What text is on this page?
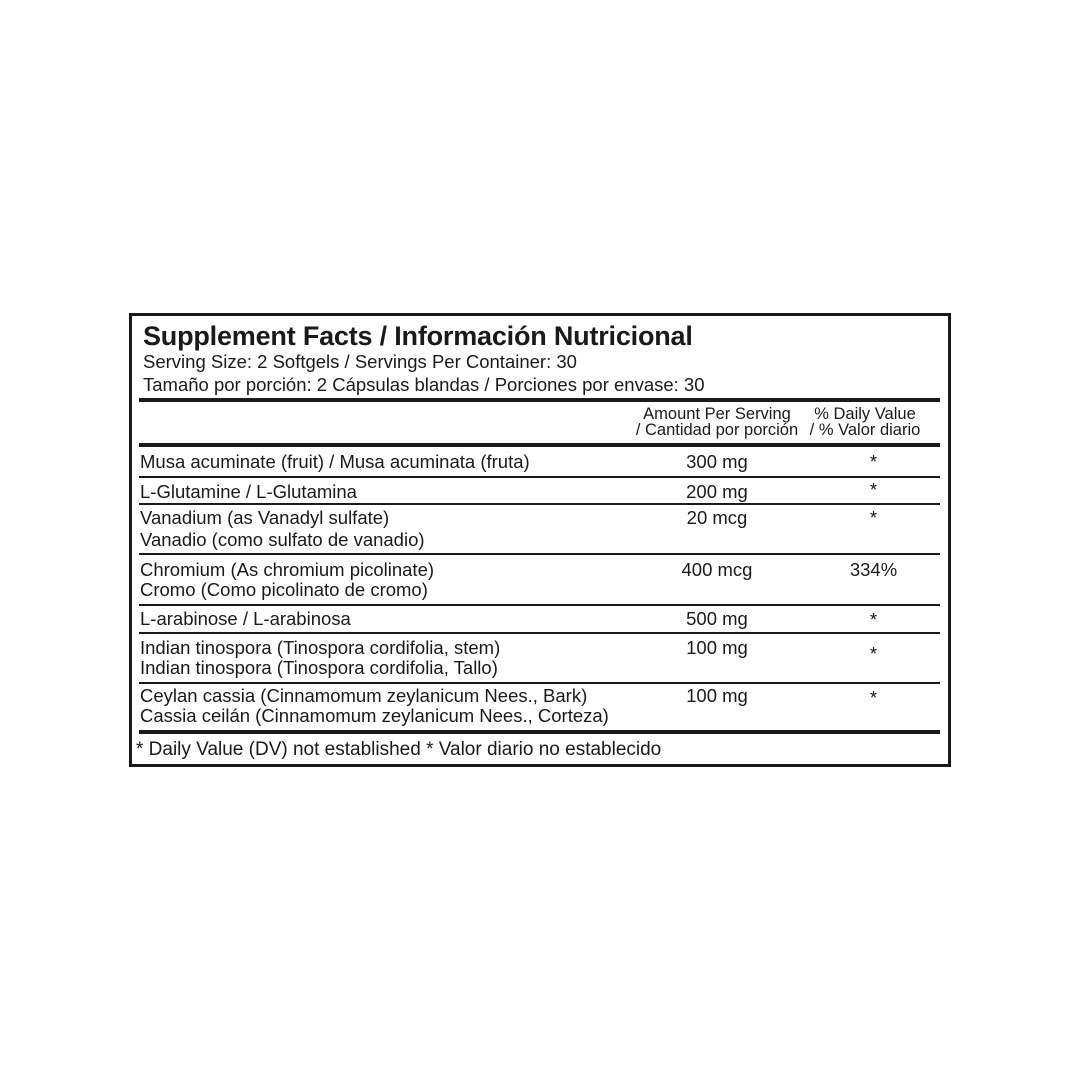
Supplement Facts / Información Nutricional
Serving Size: 2 Softgels / Servings Per Container: 30
Tamaño por porción: 2 Cápsulas blandas / Porciones por envase: 30
Amount Per Serving
/ Cantidad por porción
% Daily Value
/ % Valor diario
Musa acuminate (fruit) / Musa acuminata (fruta)	300 mg	*
L-Glutamine / L-Glutamina	200 mg	*
Vanadium (as Vanadyl sulfate)
Vanadio (como sulfato de vanadio)
20 mcg	*
Chromium (As chromium picolinate)
Cromo (Como picolinato de cromo)
400 mcg	334%
L-arabinose / L-arabinosa	500 mg	*
Indian tinospora (Tinospora cordifolia, stem)
Indian tinospora (Tinospora cordifolia, Tallo)
100 mg	*
Ceylan cassia (Cinnamomum zeylanicum Nees., Bark)
Cassia ceilán (Cinnamomum zeylanicum Nees., Corteza)
100 mg	*
* Daily Value (DV) not established * Valor diario no establecido
